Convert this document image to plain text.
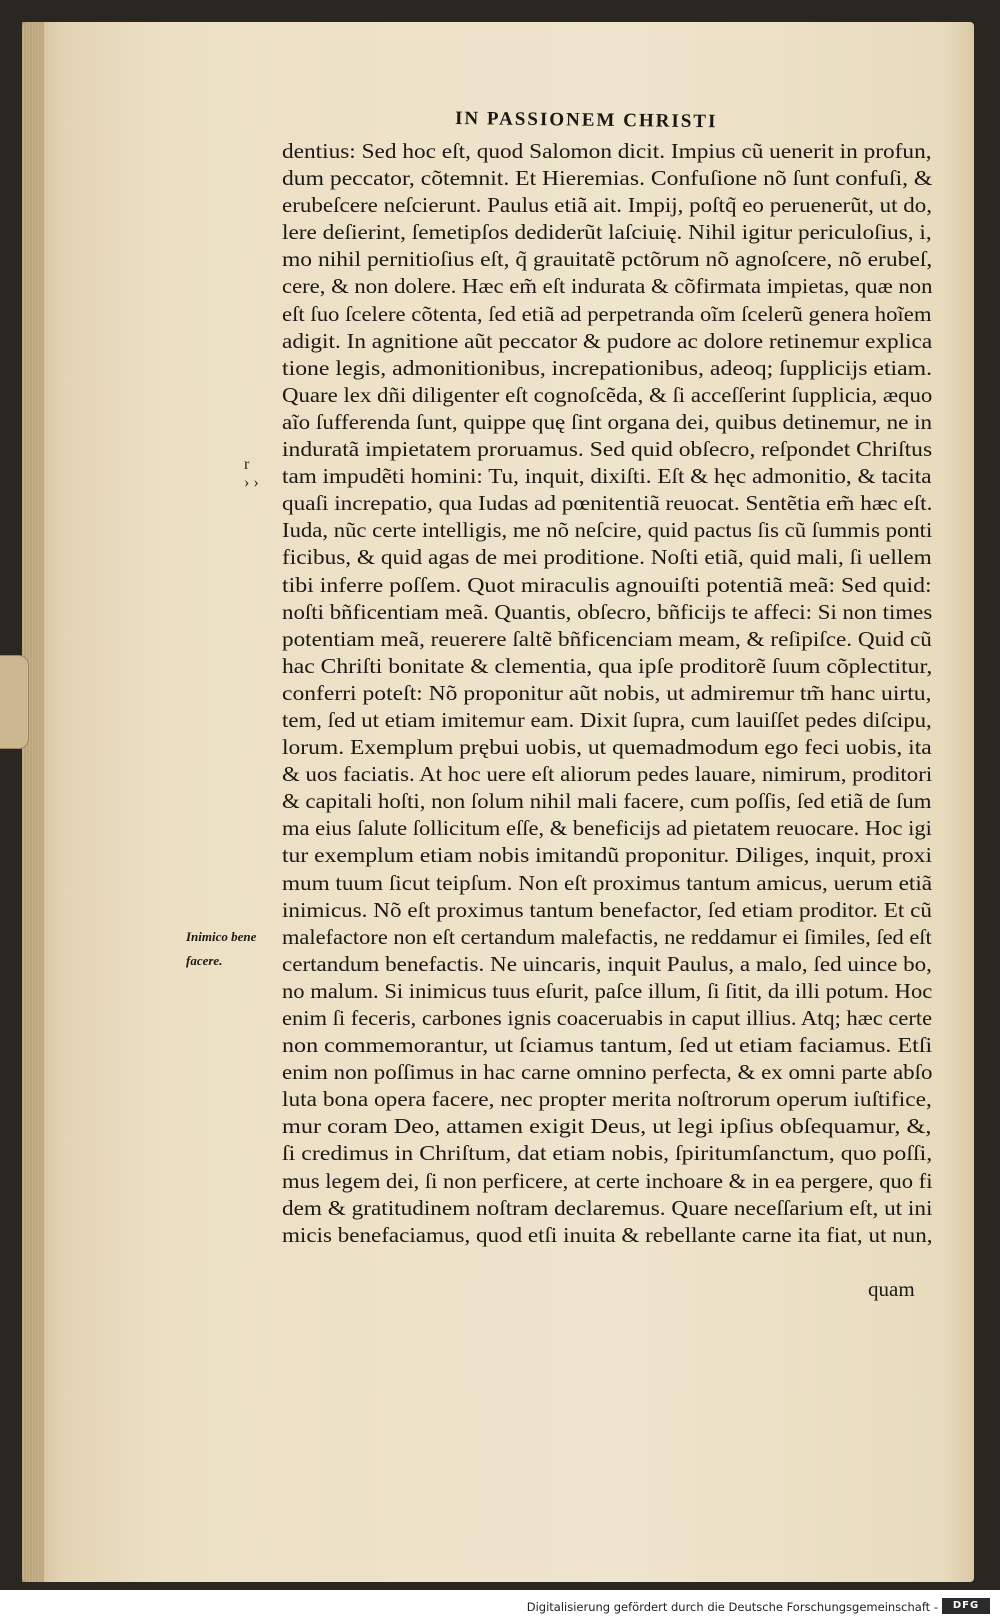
IN PASSIONEM CHRISTI
r
› ›
dentius: Sed hoc eſt, quod Salomon dicit. Impius cũ uenerit in profun,
dum peccator, cõtemnit. Et Hieremias. Confuſione nõ ſunt confuſi, &
erubeſcere neſcierunt. Paulus etiã ait. Impij, poſtq̃ eo peruenerũt, ut do,
lere deſierint, ſemetipſos dediderũt laſciuię. Nihil igitur periculoſius, i,
mo nihil pernitioſius eſt, q̃ grauitatẽ pctõrum nõ agnoſcere, nõ erubeſ,
cere, & non dolere. Hæc em̃ eſt indurata & cõfirmata impietas, quæ non
eſt ſuo ſcelere cõtenta, ſed etiã ad perpetranda oĩm ſcelerũ genera hoĩem
adigit. In agnitione aũt peccator & pudore ac dolore retinemur explica
tione legis, admonitionibus, increpationibus, adeoq; ſupplicijs etiam.
Quare lex dñi diligenter eſt cognoſcẽda, & ſi acceſſerint ſupplicia, æquo
aĩo ſufferenda ſunt, quippe quę ſint organa dei, quibus detinemur, ne in
induratã impietatem proruamus. Sed quid obſecro, reſpondet Chriſtus
tam impudẽti homini: Tu, inquit, dixiſti. Eſt & hęc admonitio, & tacita
quaſi increpatio, qua Iudas ad pœnitentiã reuocat. Sentẽtia em̃ hæc eſt.
Iuda, nũc certe intelligis, me nõ neſcire, quid pactus ſis cũ ſummis ponti
ficibus, & quid agas de mei proditione. Noſti etiã, quid mali, ſi uellem
tibi inferre poſſem. Quot miraculis agnouiſti potentiã meã: Sed quid:
noſti bñficentiam meã. Quantis, obſecro, bñficijs te affeci: Si non times
potentiam meã, reuerere ſaltẽ bñficenciam meam, & reſipiſce. Quid cũ
hac Chriſti bonitate & clementia, qua ipſe proditorẽ ſuum cõplectitur,
conferri poteſt: Nõ proponitur aũt nobis, ut admiremur tm̃ hanc uirtu,
tem, ſed ut etiam imitemur eam. Dixit ſupra, cum lauiſſet pedes diſcipu,
lorum. Exemplum prębui uobis, ut quemadmodum ego feci uobis, ita
& uos faciatis. At hoc uere eſt aliorum pedes lauare, nimirum, proditori
& capitali hoſti, non ſolum nihil mali facere, cum poſſis, ſed etiã de ſum
ma eius ſalute ſollicitum eſſe, & beneficijs ad pietatem reuocare. Hoc igi
tur exemplum etiam nobis imitandũ proponitur. Diliges, inquit, proxi
mum tuum ſicut teipſum. Non eſt proximus tantum amicus, uerum etiã
inimicus. Nõ eſt proximus tantum benefactor, ſed etiam proditor. Et cũ
malefactore non eſt certandum malefactis, ne reddamur ei ſimiles, ſed eſt
certandum benefactis. Ne uincaris, inquit Paulus, a malo, ſed uince bo,
no malum. Si inimicus tuus eſurit, paſce illum, ſi ſitit, da illi potum. Hoc
enim ſi feceris, carbones ignis coaceruabis in caput illius. Atq; hæc certe
non commemorantur, ut ſciamus tantum, ſed ut etiam faciamus. Etſi
enim non poſſimus in hac carne omnino perfecta, & ex omni parte abſo
luta bona opera facere, nec propter merita noſtrorum operum iuſtifice,
mur coram Deo, attamen exigit Deus, ut legi ipſius obſequamur, &,
ſi credimus in Chriſtum, dat etiam nobis, ſpiritumſanctum, quo poſſi,
mus legem dei, ſi non perficere, at certe inchoare & in ea pergere, quo fi
dem & gratitudinem noſtram declaremus. Quare neceſſarium eſt, ut ini
micis benefaciamus, quod etſi inuita & rebellante carne ita fiat, ut nun,
Inimico bene
facere.
quam
Digitalisierung gefördert durch die Deutsche Forschungsgemeinschaft -	DFG
